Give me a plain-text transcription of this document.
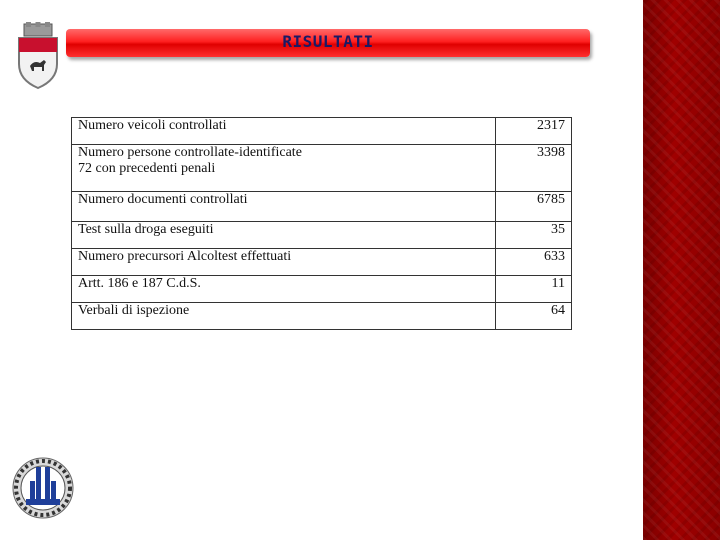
RISULTATI
Numero veicoli controllati	2317
Numero persone controllate-identificate
72 con precedenti penali	3398
Numero documenti controllati	6785
Test sulla droga eseguiti	35
Numero precursori Alcoltest effettuati	633
Artt. 186 e 187 C.d.S.	11
Verbali di ispezione	64
